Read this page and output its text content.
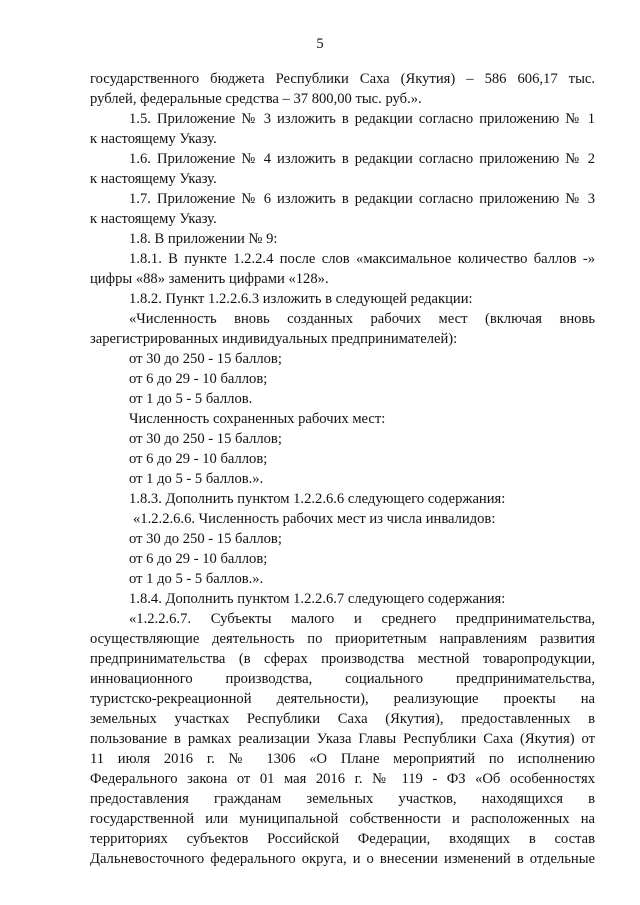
5
государственного бюджета Республики Саха (Якутия) – 586 606,17 тыс.
рублей, федеральные средства – 37 800,00 тыс. руб.».
1.5. Приложение № 3 изложить в редакции согласно приложению № 1
к настоящему Указу.
1.6. Приложение № 4 изложить в редакции согласно приложению № 2
к настоящему Указу.
1.7. Приложение № 6 изложить в редакции согласно приложению № 3
к настоящему Указу.
1.8. В приложении № 9:
1.8.1. В пункте 1.2.2.4 после слов «максимальное количество баллов -»
цифры «88» заменить цифрами «128».
1.8.2. Пункт 1.2.2.6.3 изложить в следующей редакции:
«Численность вновь созданных рабочих мест (включая вновь
зарегистрированных индивидуальных предпринимателей):
от 30 до 250 - 15 баллов;
от 6 до 29 - 10 баллов;
от 1 до 5 - 5 баллов.
Численность сохраненных рабочих мест:
от 30 до 250 - 15 баллов;
от 6 до 29 - 10 баллов;
от 1 до 5 - 5 баллов.».
1.8.3. Дополнить пунктом 1.2.2.6.6 следующего содержания:
«1.2.2.6.6. Численность рабочих мест из числа инвалидов:
от 30 до 250 - 15 баллов;
от 6 до 29 - 10 баллов;
от 1 до 5 - 5 баллов.».
1.8.4. Дополнить пунктом 1.2.2.6.7 следующего содержания:
«1.2.2.6.7. Субъекты малого и среднего предпринимательства,
осуществляющие деятельность по приоритетным направлениям развития
предпринимательства (в сферах производства местной товаропродукции,
инновационного производства, социального предпринимательства,
туристско-рекреационной деятельности), реализующие проекты на
земельных участках Республики Саха (Якутия), предоставленных в
пользование в рамках реализации Указа Главы Республики Саха (Якутия) от
11 июля 2016 г. № 1306 «О Плане мероприятий по исполнению
Федерального закона от 01 мая 2016 г. № 119 - ФЗ «Об особенностях
предоставления гражданам земельных участков, находящихся в
государственной или муниципальной собственности и расположенных на
территориях субъектов Российской Федерации, входящих в состав
Дальневосточного федерального округа, и о внесении изменений в отдельные
